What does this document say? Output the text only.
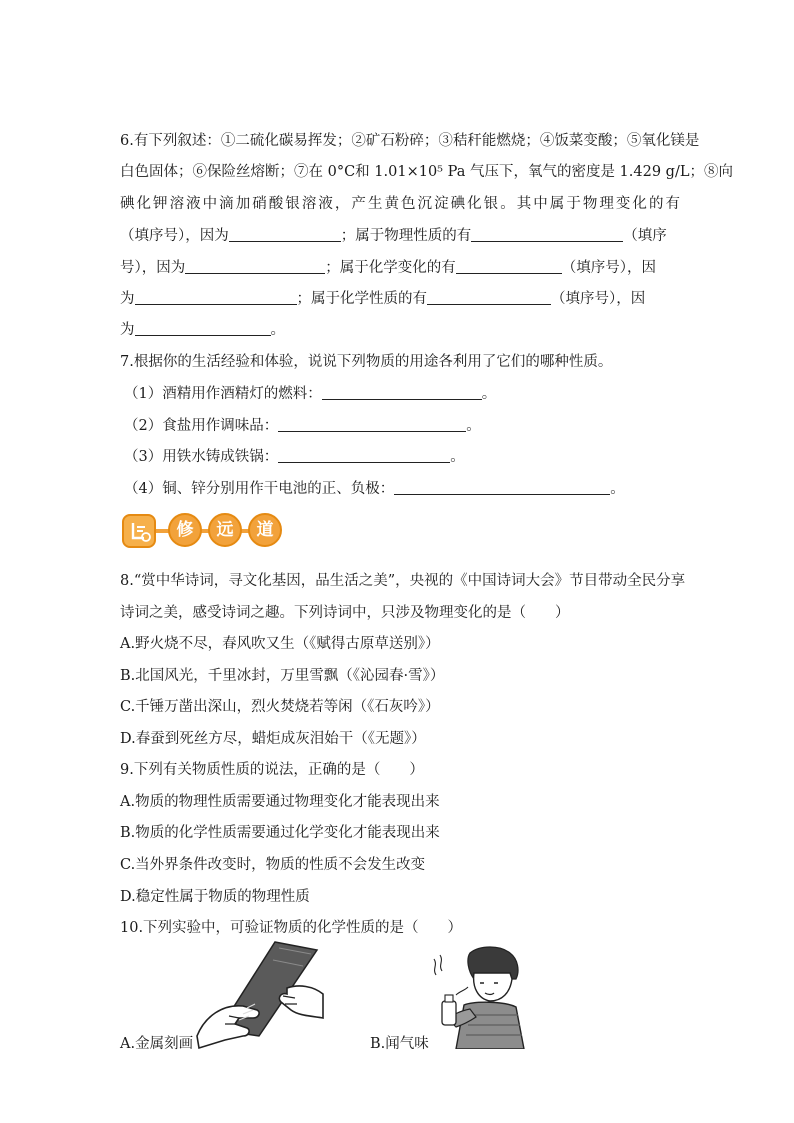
6.有下列叙述：①二硫化碳易挥发；②矿石粉碎；③秸秆能燃烧；④饭菜变酸；⑤氧化镁是
白色固体；⑥保险丝熔断；⑦在 0°C和 1.01×10⁵ Pa 气压下，氧气的密度是 1.429 g/L；⑧向
碘化钾溶液中滴加硝酸银溶液，产生黄色沉淀碘化银。其中属于物理变化的有
（填序号），因为	；属于物理性质的有	（填序
号），因为	；属于化学变化的有	（填序号），因
为	；属于化学性质的有	（填序号），因
为	。
7.根据你的生活经验和体验，说说下列物质的用途各利用了它们的哪种性质。
（1）酒精用作酒精灯的燃料：	。
（2）食盐用作调味品：	。
（3）用铁水铸成铁锅：	。
（4）铜、锌分别用作干电池的正、负极：	。
修	远	道
8.“赏中华诗词，寻文化基因，品生活之美”，央视的《中国诗词大会》节目带动全民分享
诗词之美，感受诗词之趣。下列诗词中，只涉及物理变化的是（　　）
A.野火烧不尽，春风吹又生（《赋得古原草送别》）
B.北国风光，千里冰封，万里雪飘（《沁园春·雪》）
C.千锤万凿出深山，烈火焚烧若等闲（《石灰吟》）
D.春蚕到死丝方尽，蜡炬成灰泪始干（《无题》）
9.下列有关物质性质的说法，正确的是（　　）
A.物质的物理性质需要通过物理变化才能表现出来
B.物质的化学性质需要通过化学变化才能表现出来
C.当外界条件改变时，物质的性质不会发生改变
D.稳定性属于物质的物理性质
10.下列实验中，可验证物质的化学性质的是（　　）
A.金属刻画	B.闻气味
